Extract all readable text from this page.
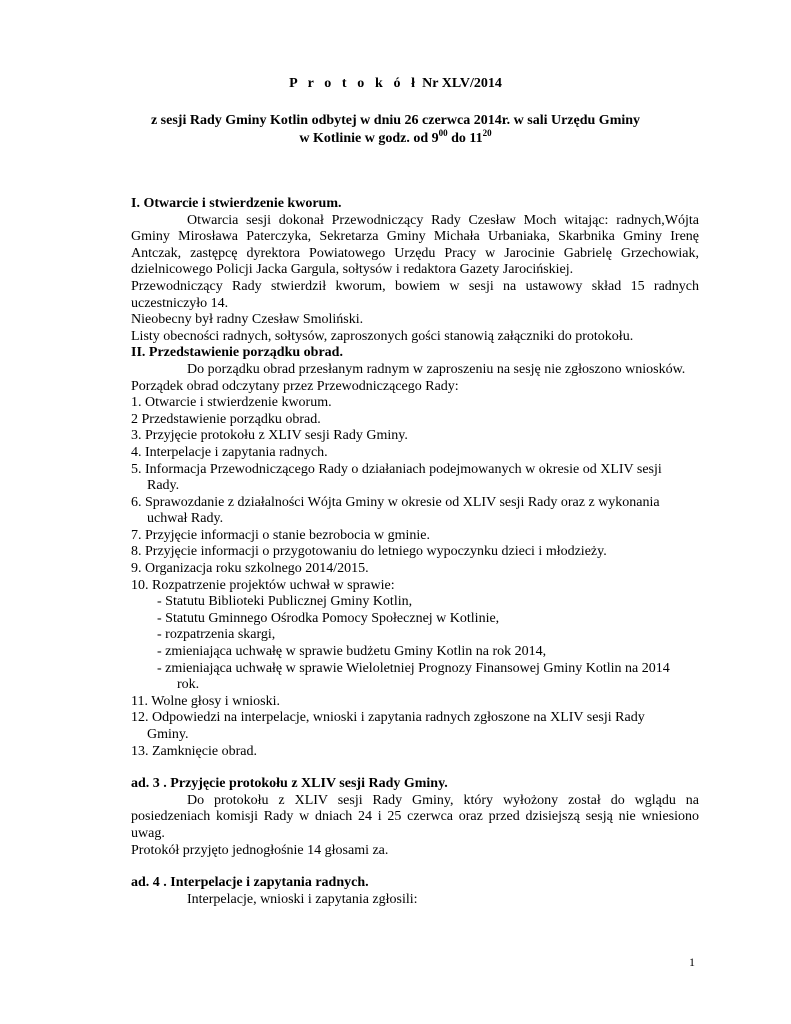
P r o t o k ó ł Nr XLV/2014
z sesji Rady Gminy Kotlin odbytej w dniu 26 czerwca 2014r. w sali Urzędu Gminy
w Kotlinie w godz. od $9^{00}$ do $11^{20}$

I. Otwarcie i stwierdzenie kworum.

Otwarcia sesji dokonał Przewodniczący Rady Czesław Moch witając: radnych,Wójta Gminy Mirosława Paterczyka, Sekretarza Gminy Michała Urbaniaka, Skarbnika Gminy Irenę Antczak, zastępcę dyrektora Powiatowego Urzędu Pracy w Jarocinie Gabrielę Grzechowiak, dzielnicowego Policji Jacka Gargula, sołtysów i redaktora Gazety Jarocińskiej.

Przewodniczący Rady stwierdził kworum, bowiem w sesji na ustawowy skład 15 radnych uczestniczyło 14.

Nieobecny był radny Czesław Smoliński.

Listy obecności radnych, sołtysów, zaproszonych gości stanowią załączniki do protokołu.

II. Przedstawienie porządku obrad.

Do porządku obrad przesłanym radnym w zaproszeniu na sesję nie zgłoszono wniosków.

Porządek obrad odczytany przez Przewodniczącego Rady:

1. Otwarcie i stwierdzenie kworum.
2 Przedstawienie porządku obrad.
3. Przyjęcie protokołu z XLIV sesji Rady Gminy.
4. Interpelacje i zapytania radnych.
5. Informacja Przewodniczącego Rady o działaniach podejmowanych w okresie od XLIV sesji
Rady.
6. Sprawozdanie z działalności Wójta Gminy w okresie od XLIV sesji Rady oraz z wykonania
uchwał Rady.
7. Przyjęcie informacji o stanie bezrobocia w gminie.
8. Przyjęcie informacji o przygotowaniu do letniego wypoczynku dzieci i młodzieży.
9. Organizacja roku szkolnego 2014/2015.
10. Rozpatrzenie projektów uchwał w sprawie:
- Statutu Biblioteki Publicznej Gminy Kotlin,
- Statutu Gminnego Ośrodka Pomocy Społecznej w Kotlinie,
- rozpatrzenia skargi,
- zmieniająca uchwałę w sprawie budżetu Gminy Kotlin na rok 2014,
- zmieniająca uchwałę w sprawie Wieloletniej Prognozy Finansowej Gminy Kotlin na 2014
rok.
11. Wolne głosy i wnioski.
12. Odpowiedzi na interpelacje, wnioski i zapytania radnych zgłoszone na XLIV sesji Rady
Gminy.
13. Zamknięcie obrad.

ad. 3 . Przyjęcie protokołu z XLIV sesji Rady Gminy.

Do protokołu z XLIV sesji Rady Gminy, który wyłożony został do wglądu na posiedzeniach komisji Rady w dniach 24 i 25 czerwca oraz przed dzisiejszą sesją nie wniesiono uwag.

Protokół przyjęto jednogłośnie 14 głosami za.

ad. 4 . Interpelacje i zapytania radnych.

Interpelacje, wnioski i zapytania zgłosili:

1
